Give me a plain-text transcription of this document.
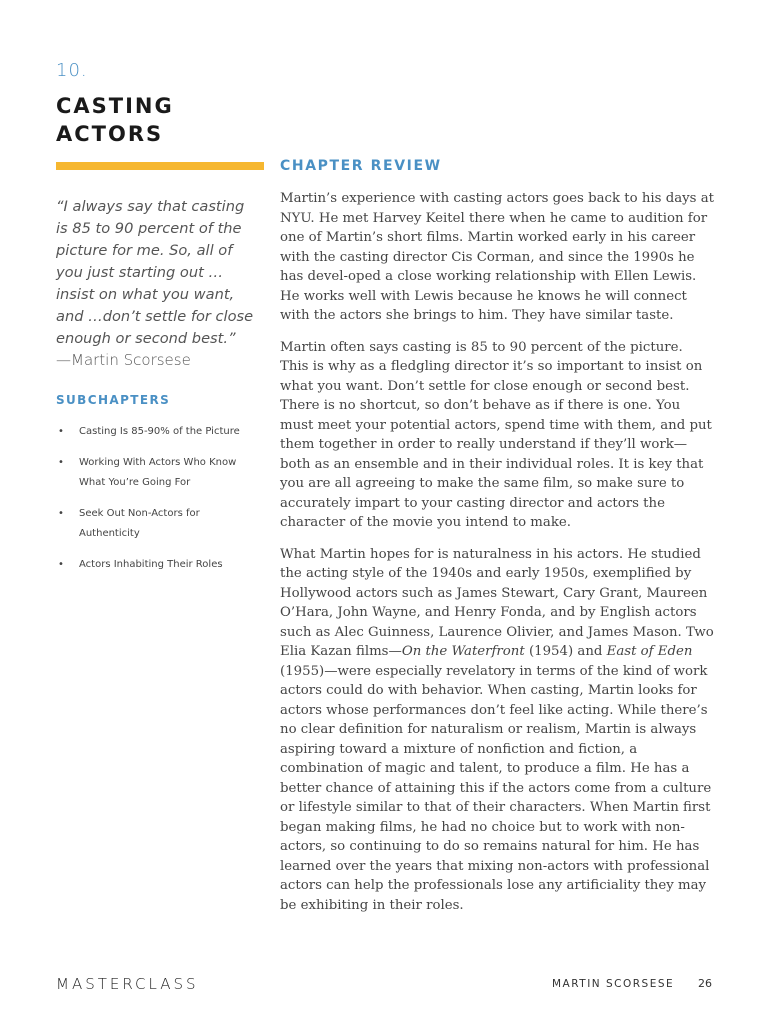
10.
CASTING ACTORS
“I always say that casting is 85 to 90 percent of the picture for me. So, all of you just starting out … insist on what you want, and …don’t settle for close enough or second best.”
—Martin Scorsese
SUBCHAPTERS
• Casting Is 85-90% of the Picture
• Working With Actors Who Know What You’re Going For
• Seek Out Non-Actors for Authenticity
• Actors Inhabiting Their Roles
CHAPTER REVIEW

Martin’s experience with casting actors goes back to his days at NYU. He met Harvey Keitel there when he came to audition for one of Martin’s short films. Martin worked early in his career with the casting director Cis Corman, and since the 1990s he has devel-oped a close working relationship with Ellen Lewis. He works well with Lewis because he knows he will connect with the actors she brings to him. They have similar taste.

Martin often says casting is 85 to 90 percent of the picture. This is why as a fledgling director it’s so important to insist on what you want. Don’t settle for close enough or second best. There is no shortcut, so don’t behave as if there is one. You must meet your potential actors, spend time with them, and put them together in order to really understand if they’ll work—both as an ensemble and in their individual roles. It is key that you are all agreeing to make the same film, so make sure to accurately impart to your casting director and actors the character of the movie you intend to make.

What Martin hopes for is naturalness in his actors. He studied the acting style of the 1940s and early 1950s, exemplified by Hollywood actors such as James Stewart, Cary Grant, Maureen O’Hara, John Wayne, and Henry Fonda, and by English actors such as Alec Guinness, Laurence Olivier, and James Mason. Two Elia Kazan films—On the Waterfront (1954) and East of Eden (1955)—were especially revelatory in terms of the kind of work actors could do with behavior. When casting, Martin looks for actors whose performances don’t feel like acting. While there’s no clear definition for naturalism or realism, Martin is always aspiring toward a mixture of nonfiction and fiction, a combination of magic and talent, to produce a film. He has a better chance of attaining this if the actors come from a culture or lifestyle similar to that of their characters. When Martin first began making films, he had no choice but to work with non-actors, so continuing to do so remains natural for him. He has learned over the years that mixing non-actors with professional actors can help the professionals lose any artificiality they may be exhibiting in their roles.

MASTERCLASS	MARTIN SCORSESE 26
